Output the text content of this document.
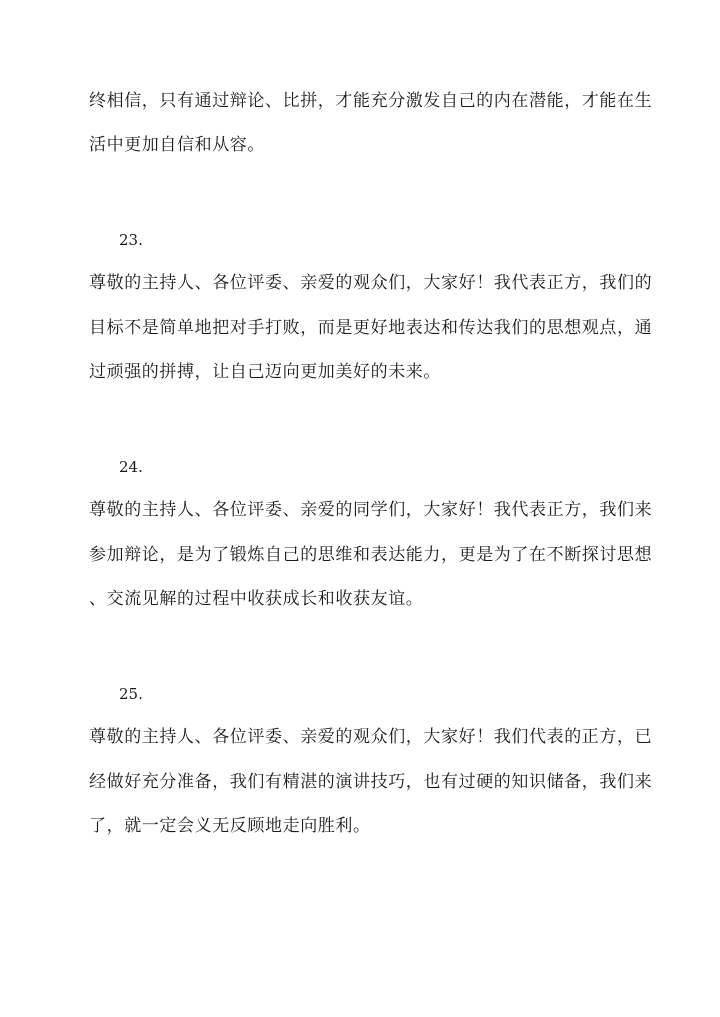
终相信，只有通过辩论、比拼，才能充分激发自己的内在潜能，才能在生
活中更加自信和从容。
23.
尊敬的主持人、各位评委、亲爱的观众们，大家好！我代表正方，我们的
目标不是简单地把对手打败，而是更好地表达和传达我们的思想观点，通
过顽强的拼搏，让自己迈向更加美好的未来。
24.
尊敬的主持人、各位评委、亲爱的同学们，大家好！我代表正方，我们来
参加辩论，是为了锻炼自己的思维和表达能力，更是为了在不断探讨思想
、交流见解的过程中收获成长和收获友谊。
25.
尊敬的主持人、各位评委、亲爱的观众们，大家好！我们代表的正方，已
经做好充分准备，我们有精湛的演讲技巧，也有过硬的知识储备，我们来
了，就一定会义无反顾地走向胜利。
